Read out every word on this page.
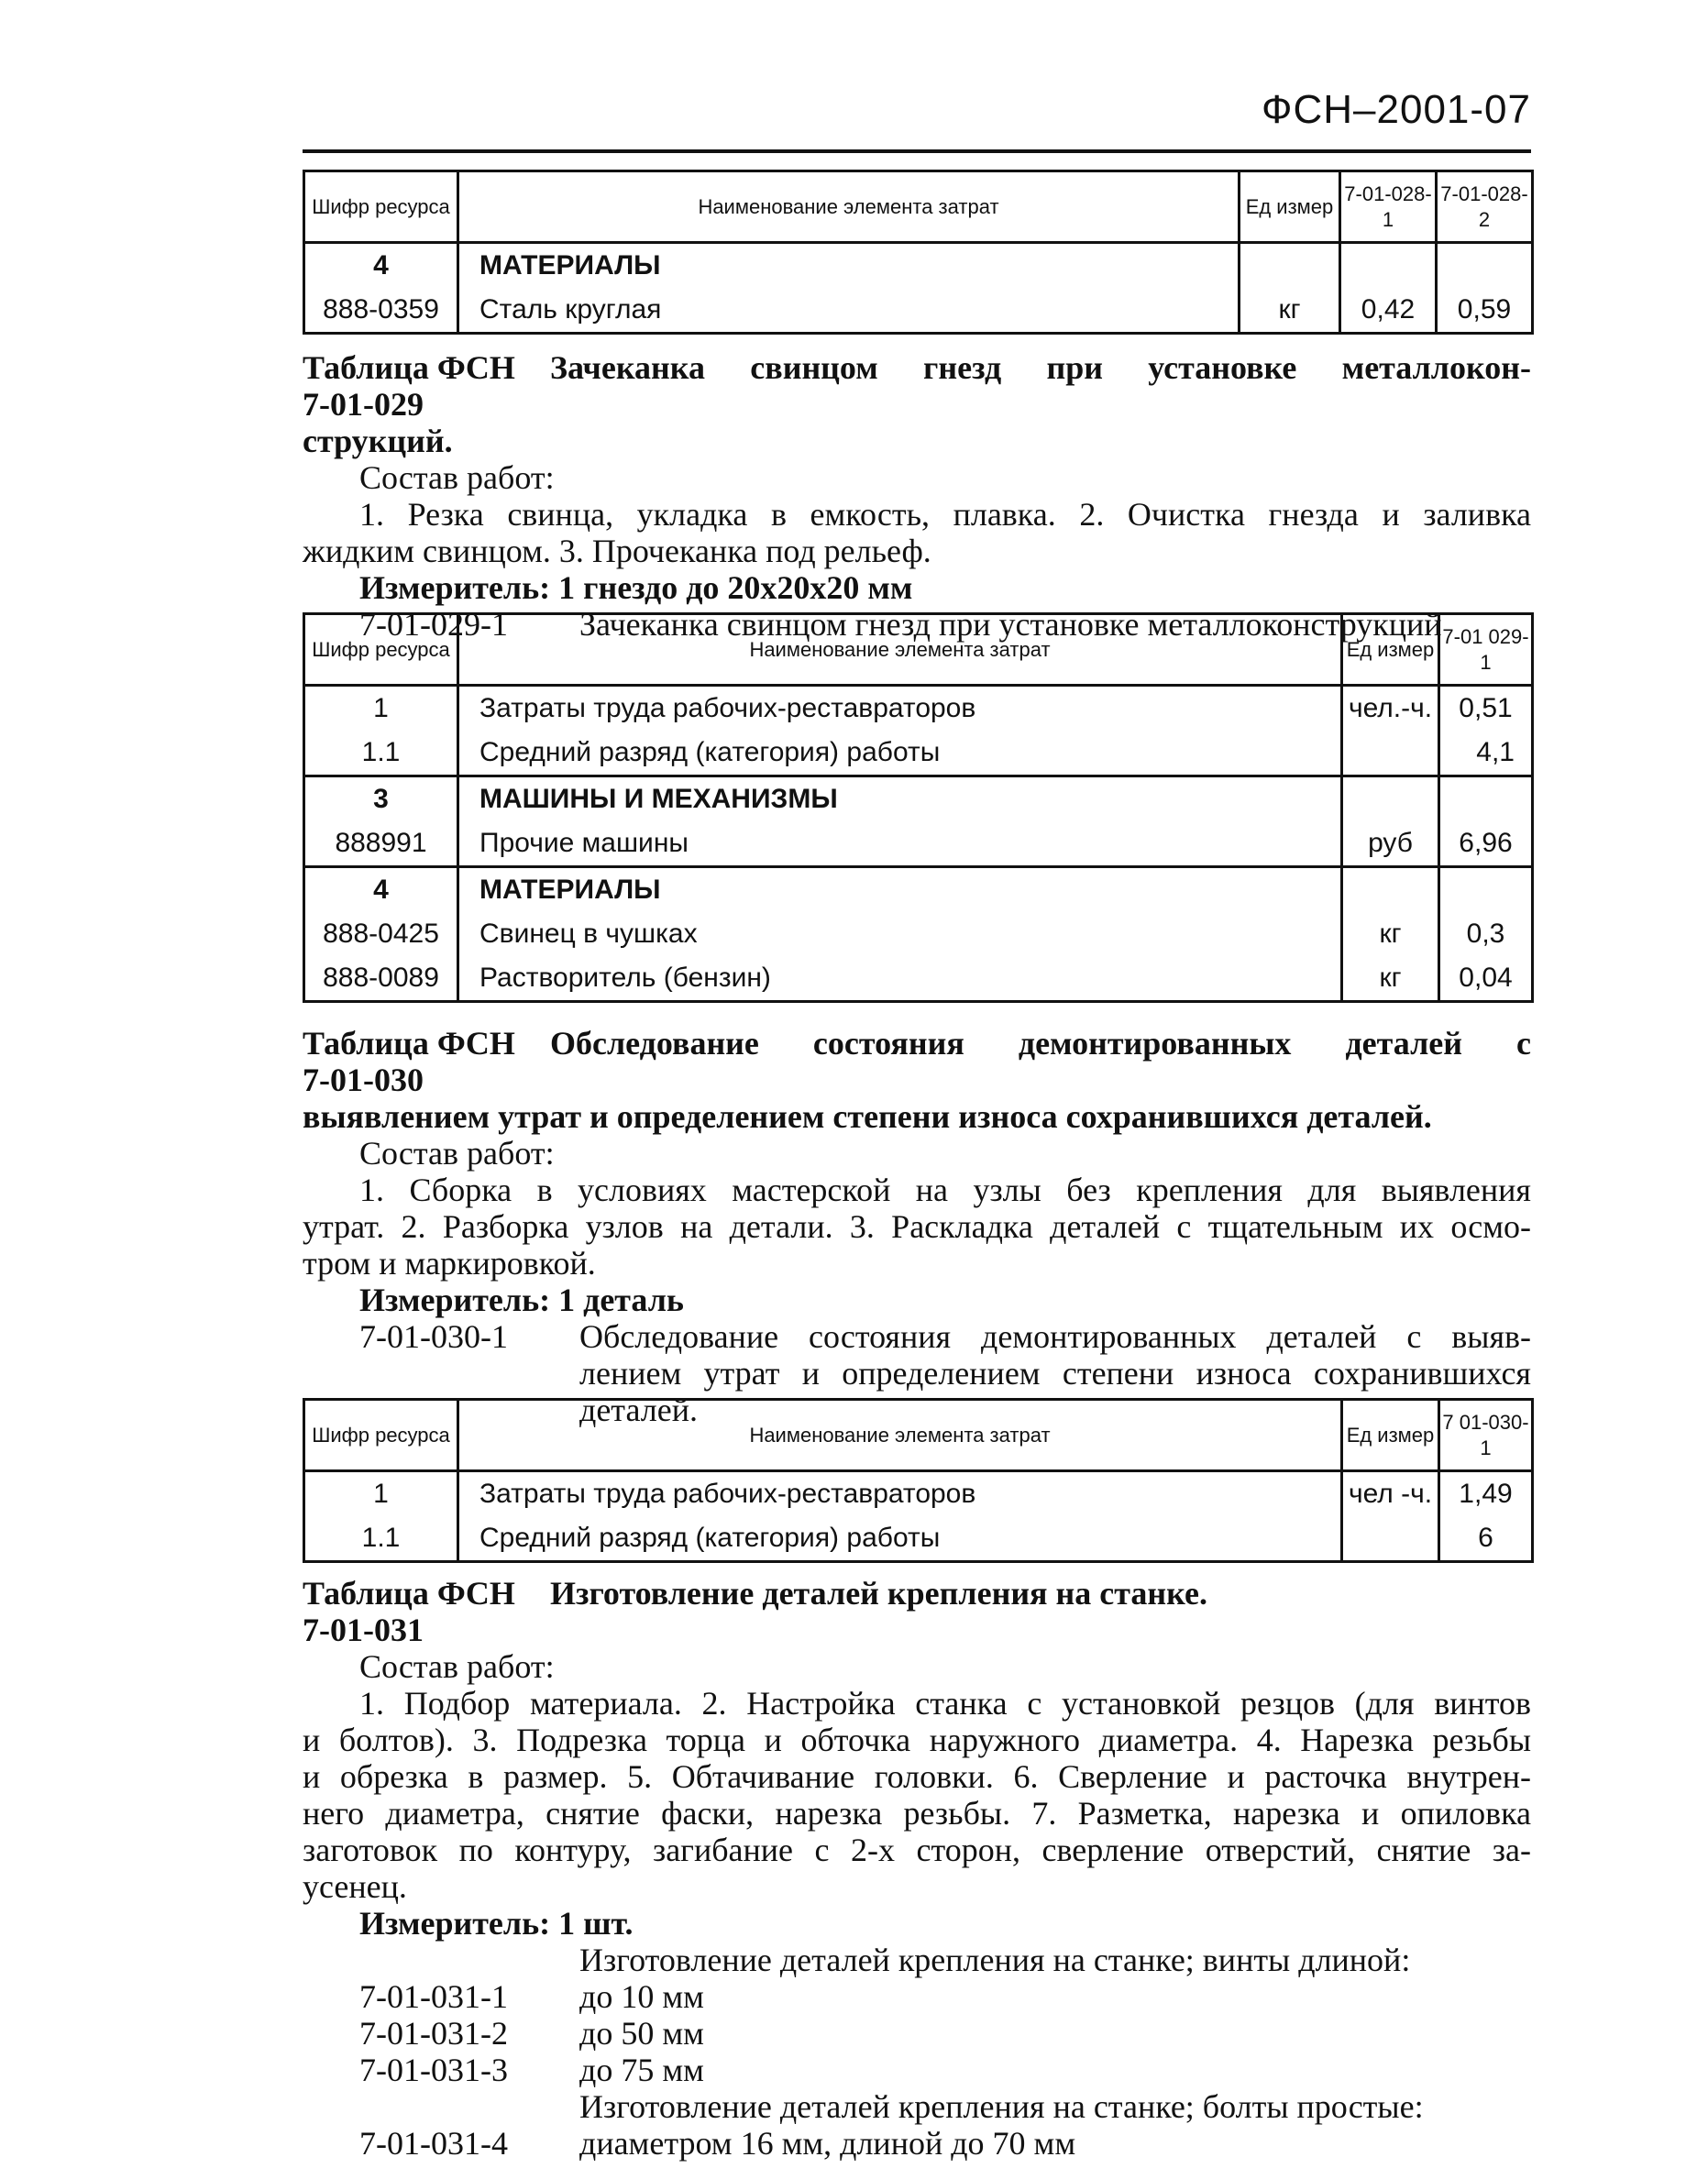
ФСН–2001-07
Шифр ресурса	Наименование элемента затрат	Ед измер	7-01-028-1	7-01-028-2
4	МАТЕРИАЛЫ			
888-0359	Сталь круглая	кг	0,42	0,59
Таблица ФСН 7-01-029
Зачеканка свинцом гнезд при установке металлокон-
струкций.
Состав работ:
1. Резка свинца, укладка в емкость, плавка. 2. Очистка гнезда и заливка
жидким свинцом. 3. Прочеканка под рельеф.
Измеритель: 1 гнездо до 20х20х20 мм
7-01-029-1	Зачеканка свинцом гнезд при установке металлоконструкций
Шифр ресурса	Наименование элемента затрат	Ед измер	7-01 029-1
1	Затраты труда рабочих-реставраторов	чел.-ч.	0,51
1.1	Средний разряд (категория) работы		4,1
3	МАШИНЫ И МЕХАНИЗМЫ		
888991	Прочие машины	руб	6,96
4	МАТЕРИАЛЫ		
888-0425	Свинец в чушках	кг	0,3
888-0089	Растворитель (бензин)	кг	0,04
Таблица ФСН 7-01-030
Обследование состояния демонтированных деталей с
выявлением утрат и определением степени износа сохранившихся деталей.
Состав работ:
1. Сборка в условиях мастерской на узлы без крепления для выявления
утрат. 2. Разборка узлов на детали. 3. Раскладка деталей с тщательным их осмо-
тром и маркировкой.
Измеритель: 1 деталь
7-01-030-1	Обследование состояния демонтированных деталей с выяв-
лением утрат и определением степени износа сохранившихся
деталей.
Шифр ресурса	Наименование элемента затрат	Ед измер	7 01-030-1
1	Затраты труда рабочих-реставраторов	чел -ч.	1,49
1.1	Средний разряд (категория) работы		6
Таблица ФСН 7-01-031
Изготовление деталей крепления на станке.
Состав работ:
1. Подбор материала. 2. Настройка станка с установкой резцов (для винтов
и болтов). 3. Подрезка торца и обточка наружного диаметра. 4. Нарезка резьбы
и обрезка в размер. 5. Обтачивание головки. 6. Сверление и расточка внутрен-
него диаметра, снятие фаски, нарезка резьбы. 7. Разметка, нарезка и опиловка
заготовок по контуру, загибание с 2-х сторон, сверление отверстий, снятие за-
усенец.
Измеритель: 1 шт.
Изготовление деталей крепления на станке; винты длиной:
7-01-031-1	до 10 мм
7-01-031-2	до 50 мм
7-01-031-3	до 75 мм
Изготовление деталей крепления на станке; болты простые:
7-01-031-4	диаметром 16 мм, длиной до 70 мм
